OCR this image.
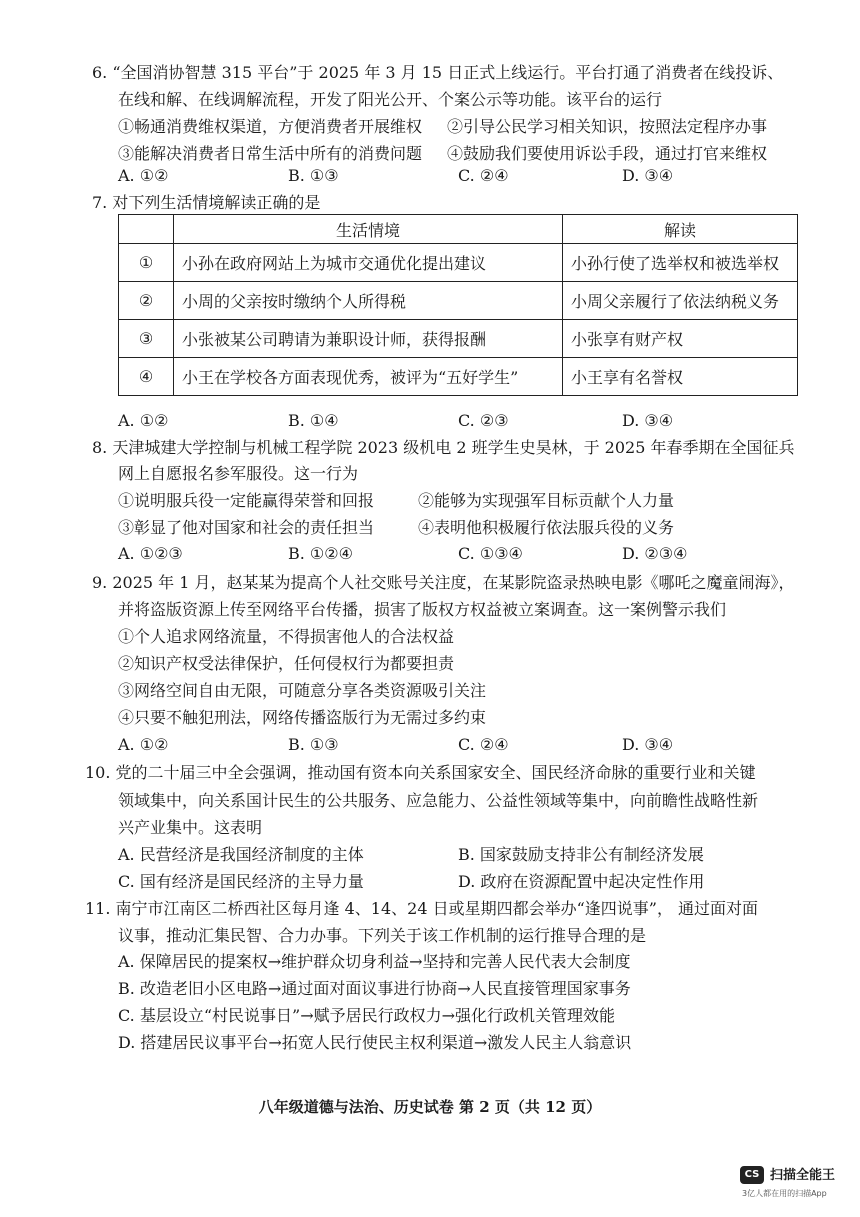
6. “全国消协智慧 315 平台”于 2025 年 3 月 15 日正式上线运行。平台打通了消费者在线投诉、
在线和解、在线调解流程，开发了阳光公开、个案公示等功能。该平台的运行
①畅通消费维权渠道，方便消费者开展维权 ②引导公民学习相关知识，按照法定程序办事
③能解决消费者日常生活中所有的消费问题 ④鼓励我们要使用诉讼手段，通过打官来维权
A. ①②	B. ①③	C. ②④	D. ③④
7. 对下列生活情境解读正确的是
	生活情境	解读
①	小孙在政府网站上为城市交通优化提出建议	小孙行使了选举权和被选举权
②	小周的父亲按时缴纳个人所得税	小周父亲履行了依法纳税义务
③	小张被某公司聘请为兼职设计师，获得报酬	小张享有财产权
④	小王在学校各方面表现优秀，被评为“五好学生”	小王享有名誉权
A. ①②	B. ①④	C. ②③	D. ③④
8. 天津城建大学控制与机械工程学院 2023 级机电 2 班学生史昊林，于 2025 年春季期在全国征兵
网上自愿报名参军服役。这一行为
①说明服兵役一定能赢得荣誉和回报	②能够为实现强军目标贡献个人力量
③彰显了他对国家和社会的责任担当	④表明他积极履行依法服兵役的义务
A. ①②③	B. ①②④	C. ①③④	D. ②③④
9. 2025 年 1 月，赵某某为提高个人社交账号关注度，在某影院盗录热映电影《哪吒之魔童闹海》，
并将盗版资源上传至网络平台传播，损害了版权方权益被立案调查。这一案例警示我们
①个人追求网络流量，不得损害他人的合法权益
②知识产权受法律保护，任何侵权行为都要担责
③网络空间自由无限，可随意分享各类资源吸引关注
④只要不触犯刑法，网络传播盗版行为无需过多约束
A. ①②	B. ①③	C. ②④	D. ③④
10. 党的二十届三中全会强调，推动国有资本向关系国家安全、国民经济命脉的重要行业和关键
领域集中，向关系国计民生的公共服务、应急能力、公益性领域等集中，向前瞻性战略性新
兴产业集中。这表明
A. 民营经济是我国经济制度的主体	B. 国家鼓励支持非公有制经济发展
C. 国有经济是国民经济的主导力量	D. 政府在资源配置中起决定性作用
11. 南宁市江南区二桥西社区每月逢 4、14、24 日或星期四都会举办“逢四说事”， 通过面对面
议事，推动汇集民智、合力办事。下列关于该工作机制的运行推导合理的是
A. 保障居民的提案权→维护群众切身利益→坚持和完善人民代表大会制度
B. 改造老旧小区电路→通过面对面议事进行协商→人民直接管理国家事务
C. 基层设立“村民说事日”→赋予居民行政权力→强化行政机关管理效能
D. 搭建居民议事平台→拓宽人民行使民主权利渠道→激发人民主人翁意识
八年级道德与法治、历史试卷 第 2 页（共 12 页）
CS 扫描全能王
3亿人都在用的扫描App
